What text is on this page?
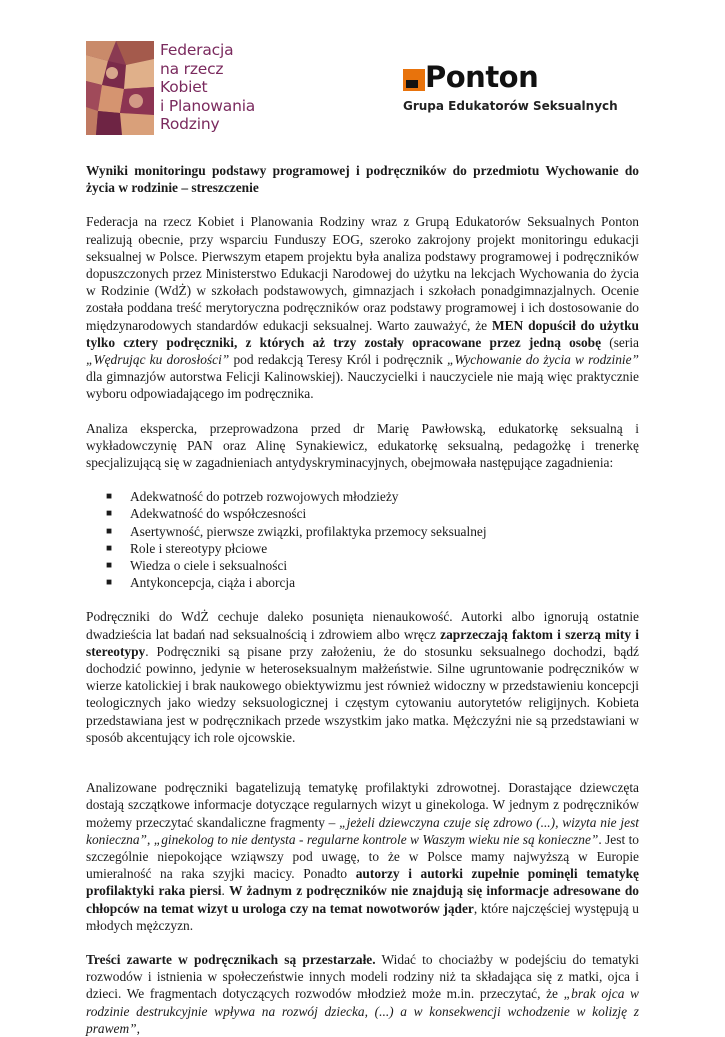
Federacja
na rzecz
Kobiet
i Planowania
Rodziny
Ponton
Grupa Edukatorów Seksualnych

Wyniki monitoringu podstawy programowej i podręczników do przedmiotu Wychowanie do życia w rodzinie – streszczenie

Federacja na rzecz Kobiet i Planowania Rodziny wraz z Grupą Edukatorów Seksualnych Ponton realizują obecnie, przy wsparciu Funduszy EOG, szeroko zakrojony projekt monitoringu edukacji seksualnej w Polsce. Pierwszym etapem projektu była analiza podstawy programowej i podręczników dopuszczonych przez Ministerstwo Edukacji Narodowej do użytku na lekcjach Wychowania do życia w Rodzinie (WdŻ) w szkołach podstawowych, gimnazjach i szkołach ponadgimnazjalnych. Ocenie została poddana treść merytoryczna podręczników oraz podstawy programowej i ich dostosowanie do międzynarodowych standardów edukacji seksualnej. Warto zauważyć, że MEN dopuścił do użytku tylko cztery podręczniki, z których aż trzy zostały opracowane przez jedną osobę (seria „Wędrując ku dorosłości” pod redakcją Teresy Król i podręcznik „Wychowanie do życia w rodzinie” dla gimnazjów autorstwa Felicji Kalinowskiej). Nauczycielki i nauczyciele nie mają więc praktycznie wyboru odpowiadającego im podręcznika.

Analiza ekspercka, przeprowadzona przed dr Marię Pawłowską, edukatorkę seksualną i wykładowczynię PAN oraz Alinę Synakiewicz, edukatorkę seksualną, pedagożkę i trenerkę specjalizującą się w zagadnieniach antydyskryminacyjnych, obejmowała następujące zagadnienia:

■ Adekwatność do potrzeb rozwojowych młodzieży
■ Adekwatność do współczesności
■ Asertywność, pierwsze związki, profilaktyka przemocy seksualnej
■ Role i stereotypy płciowe
■ Wiedza o ciele i seksualności
■ Antykoncepcja, ciąża i aborcja

Podręczniki do WdŻ cechuje daleko posunięta nienaukowość. Autorki albo ignorują ostatnie dwadzieścia lat badań nad seksualnością i zdrowiem albo wręcz zaprzeczają faktom i szerzą mity i stereotypy. Podręczniki są pisane przy założeniu, że do stosunku seksualnego dochodzi, bądź dochodzić powinno, jedynie w heteroseksualnym małżeństwie. Silne ugruntowanie podręczników w wierze katolickiej i brak naukowego obiektywizmu jest również widoczny w przedstawieniu koncepcji teologicznych jako wiedzy seksuologicznej i częstym cytowaniu autorytetów religijnych. Kobieta przedstawiana jest w podręcznikach przede wszystkim jako matka. Mężczyźni nie są przedstawiani w sposób akcentujący ich role ojcowskie.

Analizowane podręczniki bagatelizują tematykę profilaktyki zdrowotnej. Dorastające dziewczęta dostają szczątkowe informacje dotyczące regularnych wizyt u ginekologa. W jednym z podręczników możemy przeczytać skandaliczne fragmenty – „jeżeli dziewczyna czuje się zdrowo (...), wizyta nie jest konieczna”, „ginekolog to nie dentysta - regularne kontrole w Waszym wieku nie są konieczne”. Jest to szczególnie niepokojące wziąwszy pod uwagę, to że w Polsce mamy najwyższą w Europie umieralność na raka szyjki macicy. Ponadto autorzy i autorki zupełnie pominęli tematykę profilaktyki raka piersi. W żadnym z podręczników nie znajdują się informacje adresowane do chłopców na temat wizyt u urologa czy na temat nowotworów jąder, które najczęściej występują u młodych mężczyzn.

Treści zawarte w podręcznikach są przestarzałe. Widać to chociażby w podejściu do tematyki rozwodów i istnienia w społeczeństwie innych modeli rodziny niż ta składająca się z matki, ojca i dzieci. We fragmentach dotyczących rozwodów młodzież może m.in. przeczytać, że „brak ojca w rodzinie destrukcyjnie wpływa na rozwój dziecka, (...) a w konsekwencji wchodzenie w kolizję z prawem”,
